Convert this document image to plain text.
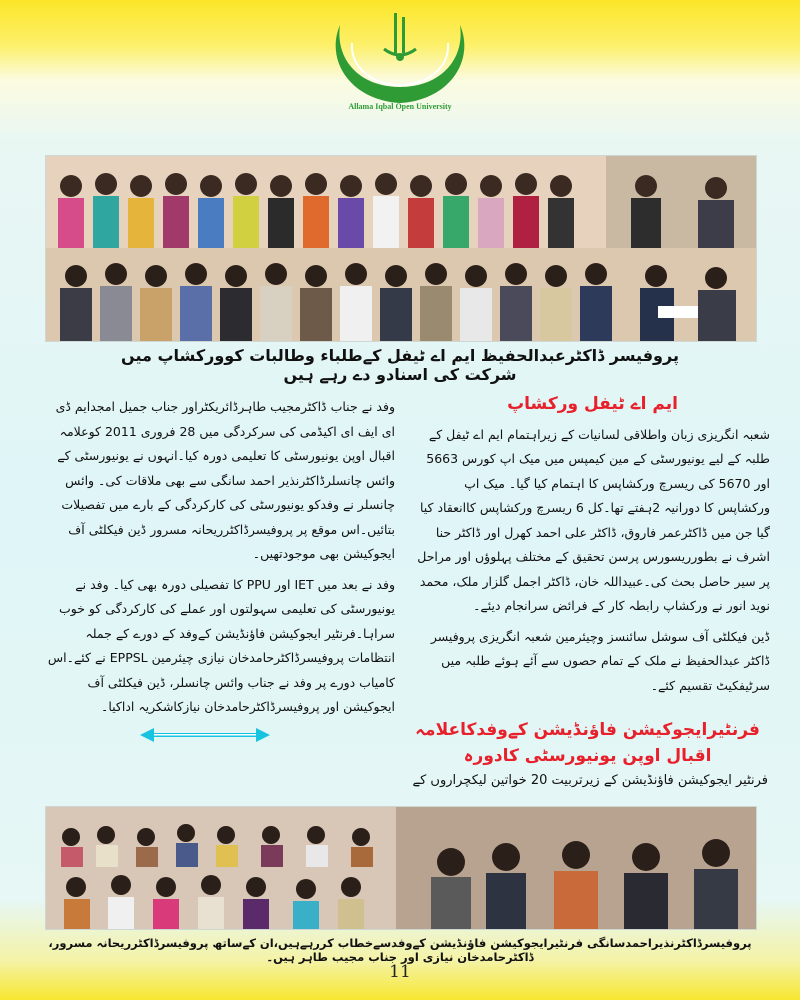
Allama Iqbal Open University
پروفیسر ڈاکٹرعبدالحفیظ ایم اے ٹیفل کےطلباء وطالبات کوورکشاپ میں شرکت کی اسنادو دے رہے ہیں
ایم اے ٹیفل ورکشاپ

شعبہ انگریزی زبان واطلاقی لسانیات کے زیراہتمام ایم اے ٹیفل کے طلبہ کے لیے یونیورسٹی کے مین کیمپس میں میک اپ کورس 5663 اور 5670 کی ریسرچ ورکشاپس کا اہتمام کیا گیا۔ میک اپ ورکشاپس کا دورانیہ 2ہفتے تھا۔کل 6 ریسرچ ورکشاپس کاانعقاد کیا گیا جن میں ڈاکٹرعمر فاروق، ڈاکٹر علی احمد کھرل اور ڈاکٹر حنا اشرف نے بطورریسورس پرسن تحقیق کے مختلف پہلوؤں اور مراحل پر سیر حاصل بحث کی۔عبیداللہ خان، ڈاکٹر اجمل گلزار ملک، محمد نوید انور نے ورکشاپ رابطہ کار کے فرائض سرانجام دیئے۔

ڈین فیکلٹی آف سوشل سائنسز وچیئرمین شعبہ انگریزی پروفیسر ڈاکٹر عبدالحفیظ نے ملک کے تمام حصوں سے آئے ہوئے طلبہ میں سرٹیفکیٹ تقسیم کئے۔

وفد نے جناب ڈاکٹرمجیب طاہرڈائریکٹراور جناب جمیل امجدایم ڈی ای ایف ای اکیڈمی کی سرکردگی میں 28 فروری 2011 کوعلامہ اقبال اوپن یونیورسٹی کا تعلیمی دورہ کیا۔انہوں نے یونیورسٹی کے وائس چانسلرڈاکٹرنذیر احمد سانگی سے بھی ملاقات کی۔ وائس چانسلر نے وفدکو یونیورسٹی کی کارکردگی کے بارے میں تفصیلات بتائیں۔اس موقع پر پروفیسرڈاکٹرریحانہ مسرور ڈین فیکلٹی آف ایجوکیشن بھی موجودتھیں۔

وفد نے بعد میں IET اور PPU کا تفصیلی دورہ بھی کیا۔ وفد نے یونیورسٹی کی تعلیمی سہولتوں اور عملے کی کارکردگی کو خوب سراہا۔فرنٹیر ایجوکیشن فاؤنڈیشن کےوفد کے دورے کے جملہ انتظامات پروفیسرڈاکٹرحامدخان نیازی چیئرمین EPPSL نے کئے۔اس کامیاب دورے پر وفد نے جناب وائس چانسلر، ڈین فیکلٹی آف ایجوکیشن اور پروفیسرڈاکٹرحامدخان نیازکاشکریہ اداکیا۔

فرنٹیرایجوکیشن فاؤنڈیشن کےوفدکاعلامہ اقبال اوپن یونیورسٹی کادورہ
فرنٹیر ایجوکیشن فاؤنڈیشن کے زیرتربیت 20 خواتین لیکچراروں کے
پروفیسرڈاکٹرنذیراحمدسانگی فرنٹیرایجوکیشن فاؤنڈیشن کےوفدسےخطاب کررہےہیں،ان کےساتھ پروفیسرڈاکٹرریحانہ مسرور، ڈاکٹرحامدخان نیازی اور جناب مجیب طاہر ہیں۔
11
